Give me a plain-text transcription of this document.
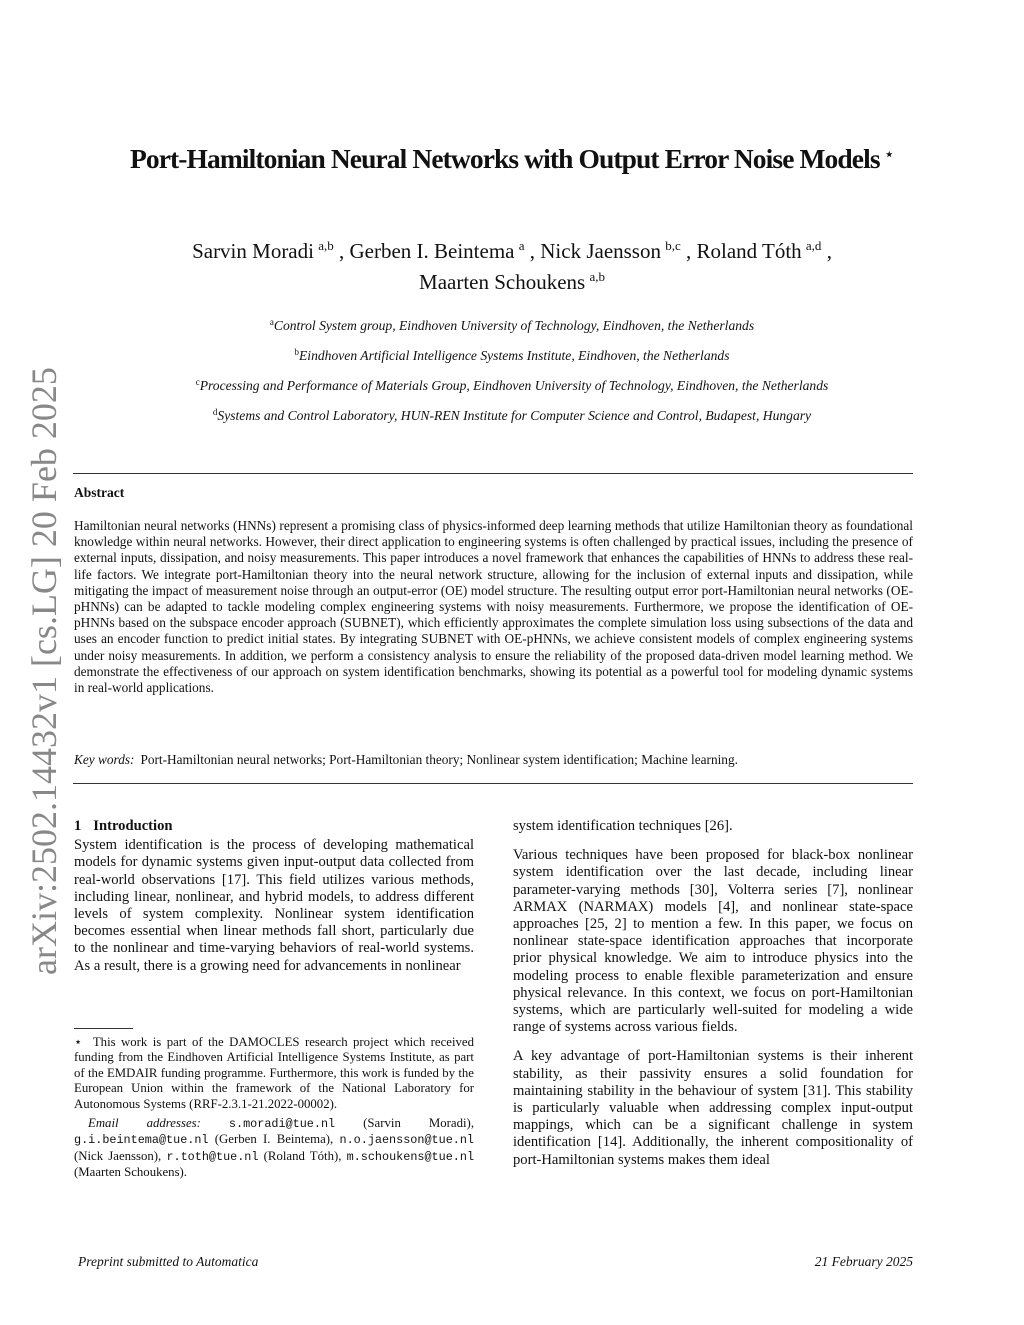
arXiv:2502.14432v1 [cs.LG] 20 Feb 2025
Port-Hamiltonian Neural Networks with Output Error Noise Models ⋆
Sarvin Moradi  $^{a,b}$ , Gerben I. Beintema  $^a$ , Nick Jaensson  $^{b,c}$ , Roland Tóth  $^{a,d}$ ,
Maarten Schoukens  $^{a,b}$
$^a$Control System group, Eindhoven University of Technology, Eindhoven, the Netherlands
$^b$Eindhoven Artificial Intelligence Systems Institute, Eindhoven, the Netherlands
$^c$Processing and Performance of Materials Group, Eindhoven University of Technology, Eindhoven, the Netherlands
$^d$Systems and Control Laboratory, HUN-REN Institute for Computer Science and Control, Budapest, Hungary
Abstract
Hamiltonian neural networks (HNNs) represent a promising class of physics-informed deep learning methods that utilize Hamiltonian theory as foundational knowledge within neural networks. However, their direct application to engineering systems is often challenged by practical issues, including the presence of external inputs, dissipation, and noisy measurements. This paper introduces a novel framework that enhances the capabilities of HNNs to address these real-life factors. We integrate port-Hamiltonian theory into the neural network structure, allowing for the inclusion of external inputs and dissipation, while mitigating the impact of measurement noise through an output-error (OE) model structure. The resulting output error port-Hamiltonian neural networks (OE-pHNNs) can be adapted to tackle modeling complex engineering systems with noisy measurements. Furthermore, we propose the identification of OE-pHNNs based on the subspace encoder approach (SUBNET), which efficiently approximates the complete simulation loss using subsections of the data and uses an encoder function to predict initial states. By integrating SUBNET with OE-pHNNs, we achieve consistent models of complex engineering systems under noisy measurements. In addition, we perform a consistency analysis to ensure the reliability of the proposed data-driven model learning method. We demonstrate the effectiveness of our approach on system identification benchmarks, showing its potential as a powerful tool for modeling dynamic systems in real-world applications.
Key words: Port-Hamiltonian neural networks; Port-Hamiltonian theory; Nonlinear system identification; Machine learning.
1 Introduction

System identification is the process of developing mathematical models for dynamic systems given input-output data collected from real-world observations [17]. This field utilizes various methods, including linear, nonlinear, and hybrid models, to address different levels of system complexity. Nonlinear system identification becomes essential when linear methods fall short, particularly due to the nonlinear and time-varying behaviors of real-world systems. As a result, there is a growing need for advancements in nonlinear

system identification techniques [26].

Various techniques have been proposed for black-box nonlinear system identification over the last decade, including linear parameter-varying methods [30], Volterra series [7], nonlinear ARMAX (NARMAX) models [4], and nonlinear state-space approaches [25, 2] to mention a few. In this paper, we focus on nonlinear state-space identification approaches that incorporate prior physical knowledge. We aim to introduce physics into the modeling process to enable flexible parameterization and ensure physical relevance. In this context, we focus on port-Hamiltonian systems, which are particularly well-suited for modeling a wide range of systems across various fields.

A key advantage of port-Hamiltonian systems is their inherent stability, as their passivity ensures a solid foundation for maintaining stability in the behaviour of system [31]. This stability is particularly valuable when addressing complex input-output mappings, which can be a significant challenge in system identification [14]. Additionally, the inherent compositionality of port-Hamiltonian systems makes them ideal

⋆ This work is part of the DAMOCLES research project which received funding from the Eindhoven Artificial Intelligence Systems Institute, as part of the EMDAIR funding programme. Furthermore, this work is funded by the European Union within the framework of the National Laboratory for Autonomous Systems (RRF-2.3.1-21.2022-00002).

Email addresses: s.moradi@tue.nl (Sarvin Moradi), g.i.beintema@tue.nl (Gerben I. Beintema), n.o.jaensson@tue.nl (Nick Jaensson), r.toth@tue.nl (Roland Tóth), m.schoukens@tue.nl (Maarten Schoukens).

Preprint submitted to Automatica	21 February 2025
